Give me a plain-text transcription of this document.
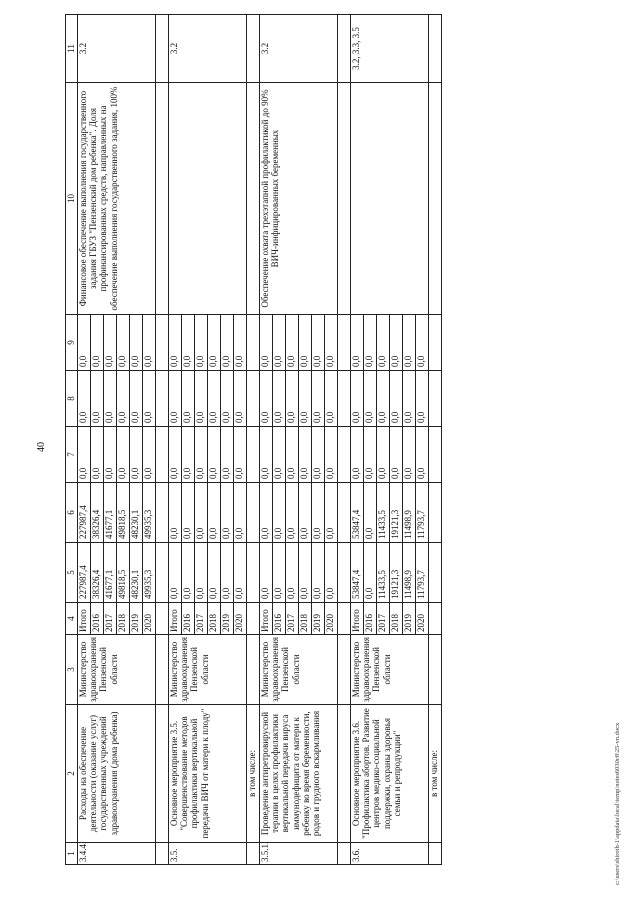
40
1	2	3	4	5	6	7	8	9	10	11
3.4.4.	Расходы на обеспечение деятельности (оказание услуг) государственных учреждений здравоохранения (дома ребенка)	Министерство здравоохранения Пензенской области	Итого	227987,4	227987,4	0,0	0,0	0,0	Финансовое обеспечение выполнения государственного задания ГБУЗ "Пензенский дом ребенка". Доля профинансированных средств, направленных на обеспечение выполнения государственного задания, 100%	3.2
			2016	38326,4	38326,4	0,0	0,0	0,0		
			2017	41677,1	41677,1	0,0	0,0	0,0		
			2018	49818,5	49818,5	0,0	0,0	0,0		
			2019	48230,1	48230,1	0,0	0,0	0,0		
			2020	49935,3	49935,3	0,0	0,0	0,0		

3.5.	Основное мероприятие 3.5. "Совершенствование методов профилактики вертикальной передачи ВИЧ от матери к плоду"	Министерство здравоохранения Пензенской области	Итого	0,0	0,0	0,0	0,0	0,0		3.2
			2016	0,0	0,0	0,0	0,0	0,0		
			2017	0,0	0,0	0,0	0,0	0,0		
			2018	0,0	0,0	0,0	0,0	0,0		
			2019	0,0	0,0	0,0	0,0	0,0		
			2020	0,0	0,0	0,0	0,0	0,0		
	в том числе:									
3.5.1.	Проведение антиретровирусной терапии в целях профилактики вертикальной передачи вируса иммунодефицита от матери к ребенку во время беременности, родов и грудного вскармливания	Министерство здравоохранения Пензенской области	Итого	0,0	0,0	0,0	0,0	0,0	Обеспечение охвата трехэтапной профилактикой до 90% ВИЧ-инфицированных беременных	3.2
			2016	0,0	0,0	0,0	0,0	0,0		
			2017	0,0	0,0	0,0	0,0	0,0		
			2018	0,0	0,0	0,0	0,0	0,0		
			2019	0,0	0,0	0,0	0,0	0,0		
			2020	0,0	0,0	0,0	0,0	0,0		

3.6.	Основное мероприятие 3.6. "Профилактика абортов. Развитие центров медико-социальной поддержки, охраны здоровья семьи и репродукции"	Министерство здравоохранения Пензенской области	Итого	53847,4	53847,4	0,0	0,0	0,0		3.2, 3.3, 3.5
			2016	0,0	0,0	0,0	0,0	0,0		
			2017	11433,5	11433,5	0,0	0,0	0,0		
			2018	19121,3	19121,3	0,0	0,0	0,0		
			2019	11498,9	11498,9	0,0	0,0	0,0		
			2020	11793,7	11793,7	0,0	0,0	0,0		
	в том числе:										c:\users\shiroth-1\appdata\local\temp\notes6030c8\25-vn.docx
